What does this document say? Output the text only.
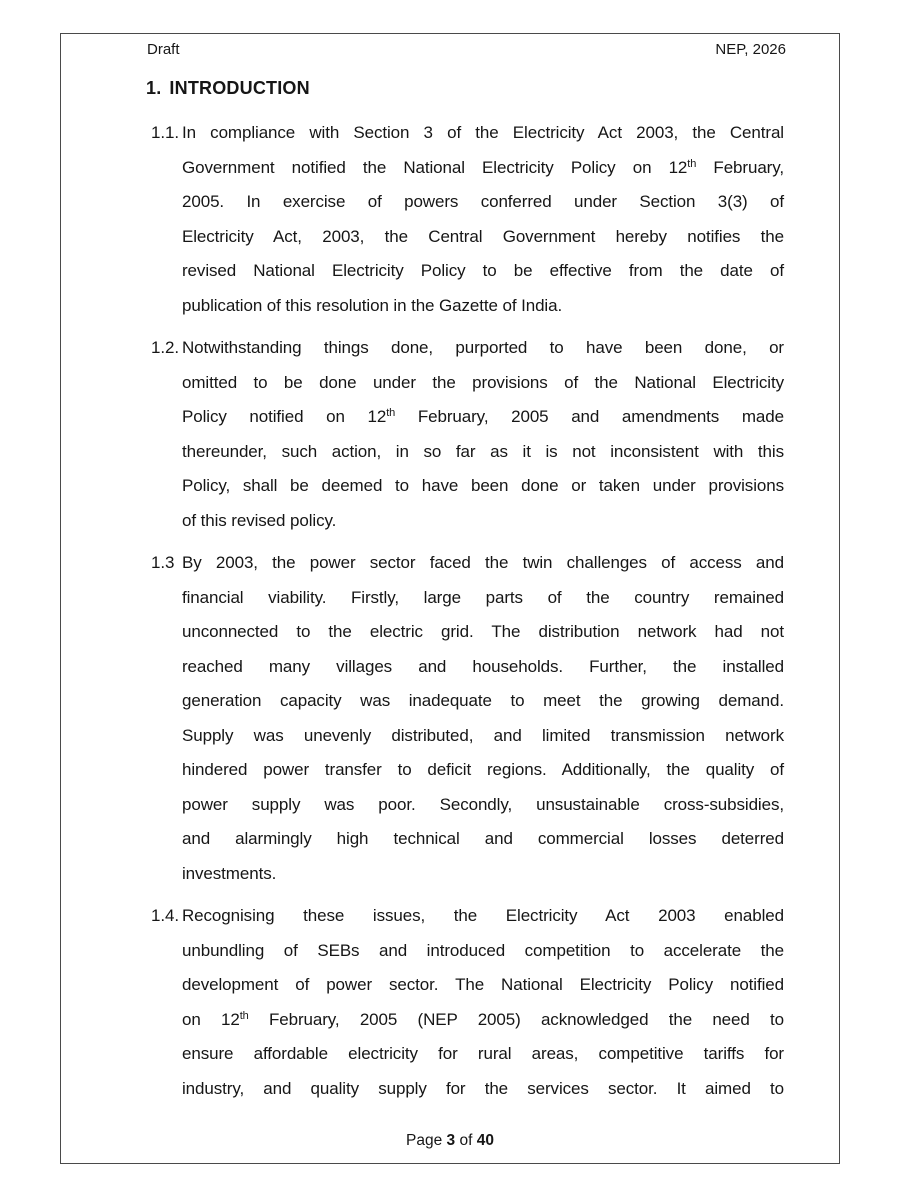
Draft	NEP, 2026
1. INTRODUCTION
1.1. In compliance with Section 3 of the Electricity Act 2003, the Central
Government notified the National Electricity Policy on 12th February,
2005. In exercise of powers conferred under Section 3(3) of
Electricity Act, 2003, the Central Government hereby notifies the
revised National Electricity Policy to be effective from the date of
publication of this resolution in the Gazette of India.
1.2. Notwithstanding things done, purported to have been done, or
omitted to be done under the provisions of the National Electricity
Policy notified on 12th February, 2005 and amendments made
thereunder, such action, in so far as it is not inconsistent with this
Policy, shall be deemed to have been done or taken under provisions
of this revised policy.
1.3 By 2003, the power sector faced the twin challenges of access and
financial viability. Firstly, large parts of the country remained
unconnected to the electric grid. The distribution network had not
reached many villages and households. Further, the installed
generation capacity was inadequate to meet the growing demand.
Supply was unevenly distributed, and limited transmission network
hindered power transfer to deficit regions. Additionally, the quality of
power supply was poor. Secondly, unsustainable cross-subsidies,
and alarmingly high technical and commercial losses deterred
investments.
1.4. Recognising these issues, the Electricity Act 2003 enabled
unbundling of SEBs and introduced competition to accelerate the
development of power sector. The National Electricity Policy notified
on 12th February, 2005 (NEP 2005) acknowledged the need to
ensure affordable electricity for rural areas, competitive tariffs for
industry, and quality supply for the services sector. It aimed to
Page 3 of 40
